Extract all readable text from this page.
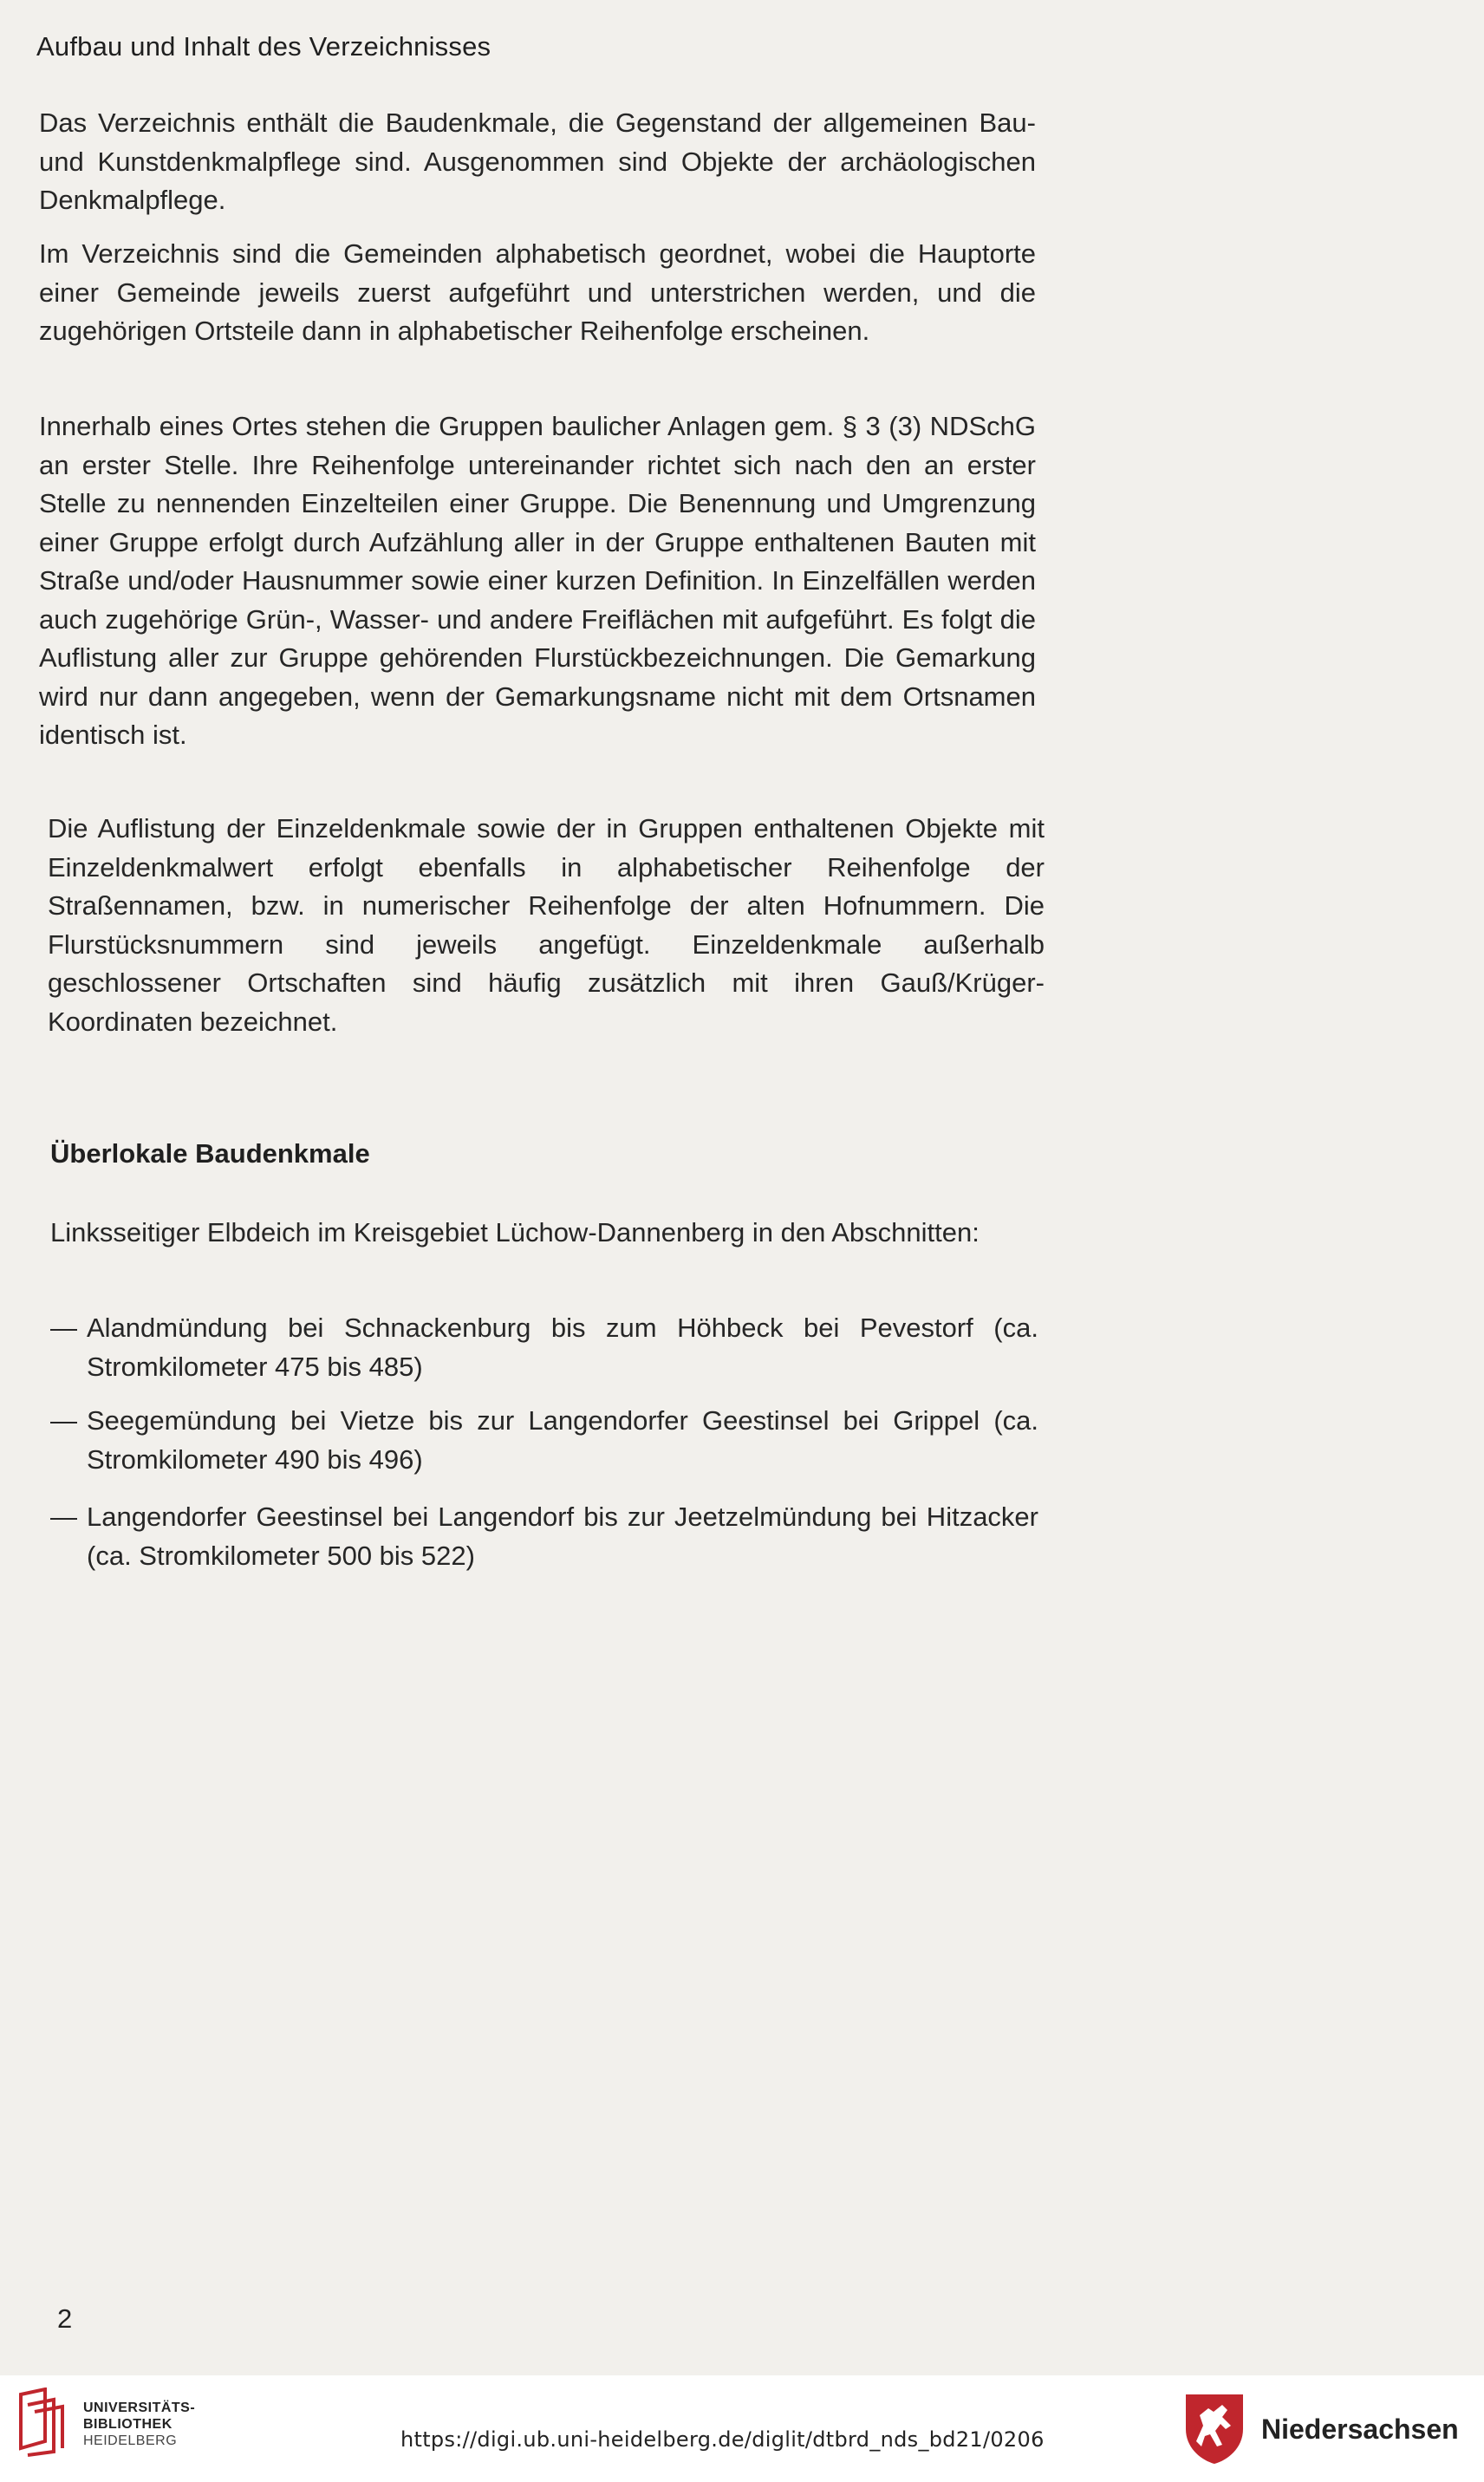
Aufbau und Inhalt des Verzeichnisses

Das Verzeichnis enthält die Baudenkmale, die Gegenstand der allgemeinen Bau- und Kunstdenkmalpflege sind. Ausgenommen sind Objekte der archäologischen Denkmalpflege.

Im Verzeichnis sind die Gemeinden alphabetisch geordnet, wobei die Hauptorte einer Gemeinde jeweils zuerst aufgeführt und unterstrichen werden, und die zugehörigen Ortsteile dann in alphabetischer Reihenfolge erscheinen.

Innerhalb eines Ortes stehen die Gruppen baulicher Anlagen gem. § 3 (3) NDSchG an erster Stelle. Ihre Reihenfolge untereinander richtet sich nach den an erster Stelle zu nennenden Einzelteilen einer Gruppe. Die Benennung und Umgrenzung einer Gruppe erfolgt durch Aufzählung aller in der Gruppe enthaltenen Bauten mit Straße und/oder Hausnummer sowie einer kurzen Definition. In Einzelfällen werden auch zugehörige Grün-, Wasser- und andere Freiflächen mit aufgeführt. Es folgt die Auflistung aller zur Gruppe gehörenden Flurstückbezeichnungen. Die Gemarkung wird nur dann angegeben, wenn der Gemarkungsname nicht mit dem Ortsnamen identisch ist.

Die Auflistung der Einzeldenkmale sowie der in Gruppen enthaltenen Objekte mit Einzeldenkmalwert erfolgt ebenfalls in alphabetischer Reihenfolge der Straßennamen, bzw. in numerischer Reihenfolge der alten Hofnummern. Die Flurstücksnummern sind jeweils angefügt. Einzeldenkmale außerhalb geschlossener Ortschaften sind häufig zusätzlich mit ihren Gauß/Krüger-Koordinaten bezeichnet.

Überlokale Baudenkmale

Linksseitiger Elbdeich im Kreisgebiet Lüchow-Dannenberg in den Abschnitten:

— Alandmündung bei Schnackenburg bis zum Höhbeck bei Pevestorf (ca. Stromkilometer 475 bis 485)
— Seegemündung bei Vietze bis zur Langendorfer Geestinsel bei Grippel (ca. Stromkilometer 490 bis 496)
— Langendorfer Geestinsel bei Langendorf bis zur Jeetzelmündung bei Hitzacker (ca. Stromkilometer 500 bis 522)
2
UNIVERSITÄTS-
BIBLIOTHEK
HEIDELBERG	https://digi.ub.uni-heidelberg.de/diglit/dtbrd_nds_bd21/0206	Niedersachsen
